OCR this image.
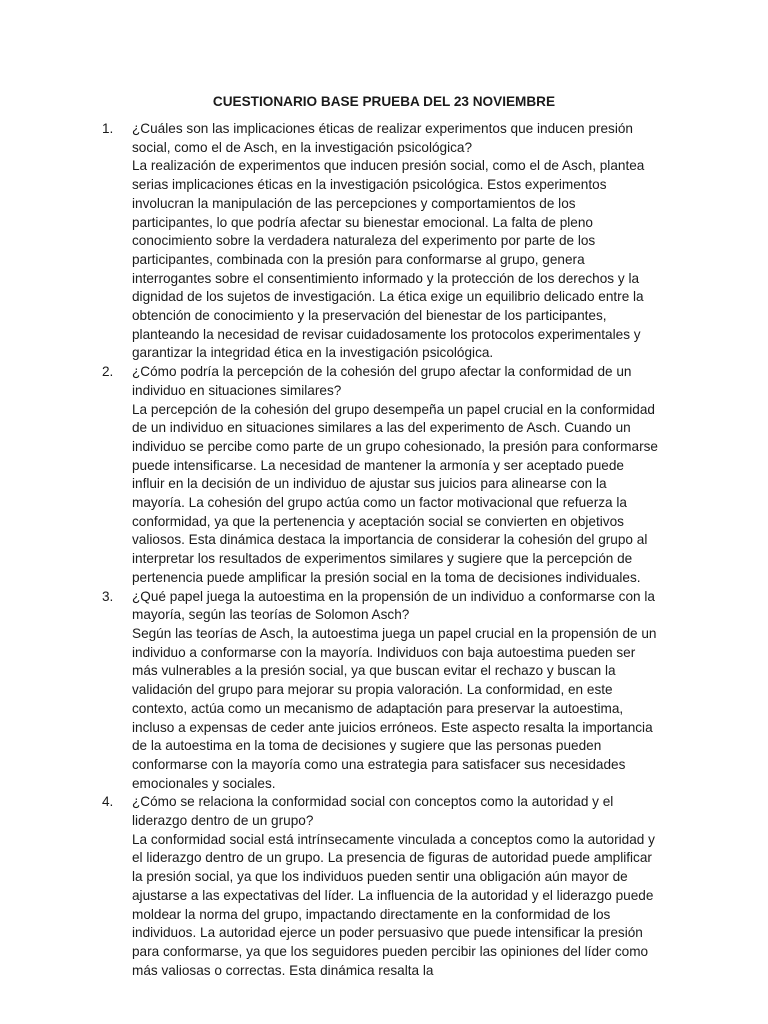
CUESTIONARIO BASE PRUEBA DEL 23 NOVIEMBRE
1. ¿Cuáles son las implicaciones éticas de realizar experimentos que inducen presión social, como el de Asch, en la investigación psicológica?
La realización de experimentos que inducen presión social, como el de Asch, plantea serias implicaciones éticas en la investigación psicológica. Estos experimentos involucran la manipulación de las percepciones y comportamientos de los participantes, lo que podría afectar su bienestar emocional. La falta de pleno conocimiento sobre la verdadera naturaleza del experimento por parte de los participantes, combinada con la presión para conformarse al grupo, genera interrogantes sobre el consentimiento informado y la protección de los derechos y la dignidad de los sujetos de investigación. La ética exige un equilibrio delicado entre la obtención de conocimiento y la preservación del bienestar de los participantes, planteando la necesidad de revisar cuidadosamente los protocolos experimentales y garantizar la integridad ética en la investigación psicológica.
2. ¿Cómo podría la percepción de la cohesión del grupo afectar la conformidad de un individuo en situaciones similares?
La percepción de la cohesión del grupo desempeña un papel crucial en la conformidad de un individuo en situaciones similares a las del experimento de Asch. Cuando un individuo se percibe como parte de un grupo cohesionado, la presión para conformarse puede intensificarse. La necesidad de mantener la armonía y ser aceptado puede influir en la decisión de un individuo de ajustar sus juicios para alinearse con la mayoría. La cohesión del grupo actúa como un factor motivacional que refuerza la conformidad, ya que la pertenencia y aceptación social se convierten en objetivos valiosos. Esta dinámica destaca la importancia de considerar la cohesión del grupo al interpretar los resultados de experimentos similares y sugiere que la percepción de pertenencia puede amplificar la presión social en la toma de decisiones individuales.
3. ¿Qué papel juega la autoestima en la propensión de un individuo a conformarse con la mayoría, según las teorías de Solomon Asch?
Según las teorías de Asch, la autoestima juega un papel crucial en la propensión de un individuo a conformarse con la mayoría. Individuos con baja autoestima pueden ser más vulnerables a la presión social, ya que buscan evitar el rechazo y buscan la validación del grupo para mejorar su propia valoración. La conformidad, en este contexto, actúa como un mecanismo de adaptación para preservar la autoestima, incluso a expensas de ceder ante juicios erróneos. Este aspecto resalta la importancia de la autoestima en la toma de decisiones y sugiere que las personas pueden conformarse con la mayoría como una estrategia para satisfacer sus necesidades emocionales y sociales.
4. ¿Cómo se relaciona la conformidad social con conceptos como la autoridad y el liderazgo dentro de un grupo?
La conformidad social está intrínsecamente vinculada a conceptos como la autoridad y el liderazgo dentro de un grupo. La presencia de figuras de autoridad puede amplificar la presión social, ya que los individuos pueden sentir una obligación aún mayor de ajustarse a las expectativas del líder. La influencia de la autoridad y el liderazgo puede moldear la norma del grupo, impactando directamente en la conformidad de los individuos. La autoridad ejerce un poder persuasivo que puede intensificar la presión para conformarse, ya que los seguidores pueden percibir las opiniones del líder como más valiosas o correctas. Esta dinámica resalta la
